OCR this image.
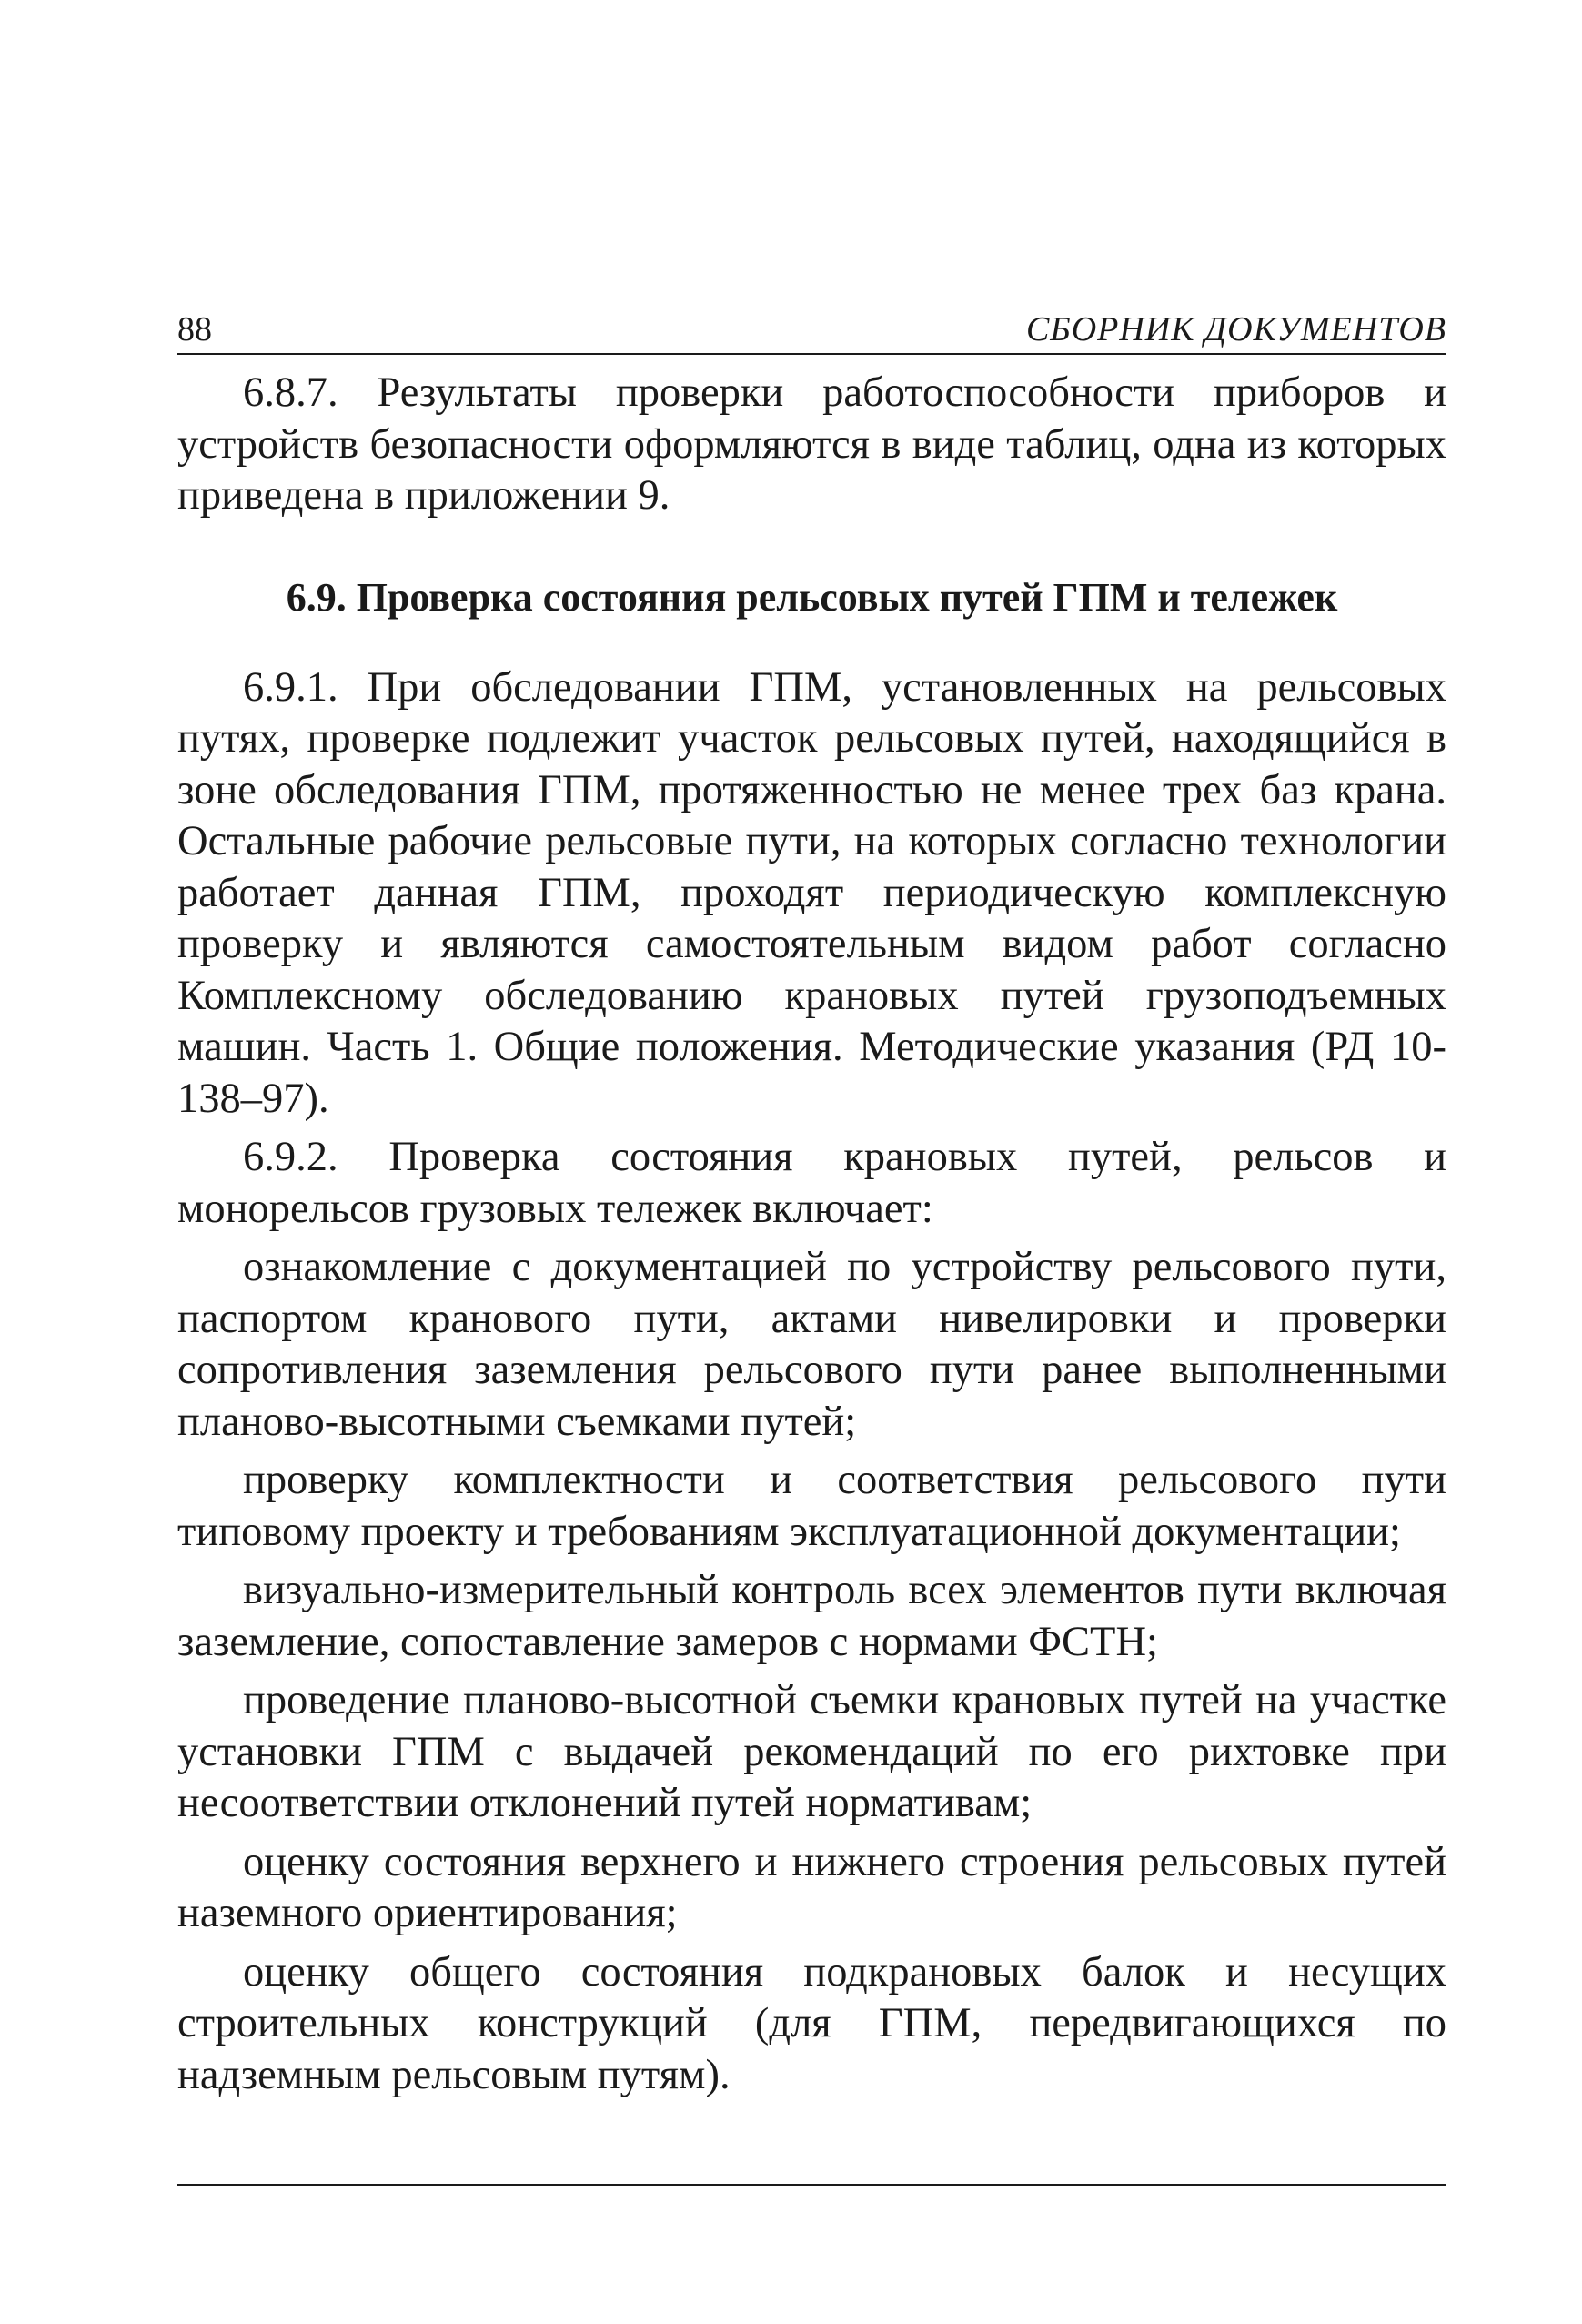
88	СБОРНИК ДОКУМЕНТОВ

6.8.7. Результаты проверки работоспособности приборов и устройств безопасности оформляются в виде таблиц, одна из которых приведена в приложении 9.

6.9. Проверка состояния рельсовых путей ГПМ и тележек

6.9.1. При обследовании ГПМ, установленных на рельсовых путях, проверке подлежит участок рельсовых путей, находящийся в зоне обследования ГПМ, протяженностью не менее трех баз крана. Остальные рабочие рельсовые пути, на которых согласно технологии работает данная ГПМ, проходят периодическую комплексную проверку и являются самостоятельным видом работ согласно Комплексному обследованию крановых путей грузоподъемных машин. Часть 1. Общие положения. Методические указания (РД 10-138–97).

6.9.2. Проверка состояния крановых путей, рельсов и монорельсов грузовых тележек включает:

ознакомление с документацией по устройству рельсового пути, паспортом кранового пути, актами нивелировки и проверки сопротивления заземления рельсового пути ранее выполненными планово-высотными съемками путей;

проверку комплектности и соответствия рельсового пути типовому проекту и требованиям эксплуатационной документации;

визуально-измерительный контроль всех элементов пути включая заземление, сопоставление замеров с нормами ФСТН;

проведение планово-высотной съемки крановых путей на участке установки ГПМ с выдачей рекомендаций по его рихтовке при несоответствии отклонений путей нормативам;

оценку состояния верхнего и нижнего строения рельсовых путей наземного ориентирования;

оценку общего состояния подкрановых балок и несущих строительных конструкций (для ГПМ, передвигающихся по надземным рельсовым путям).
